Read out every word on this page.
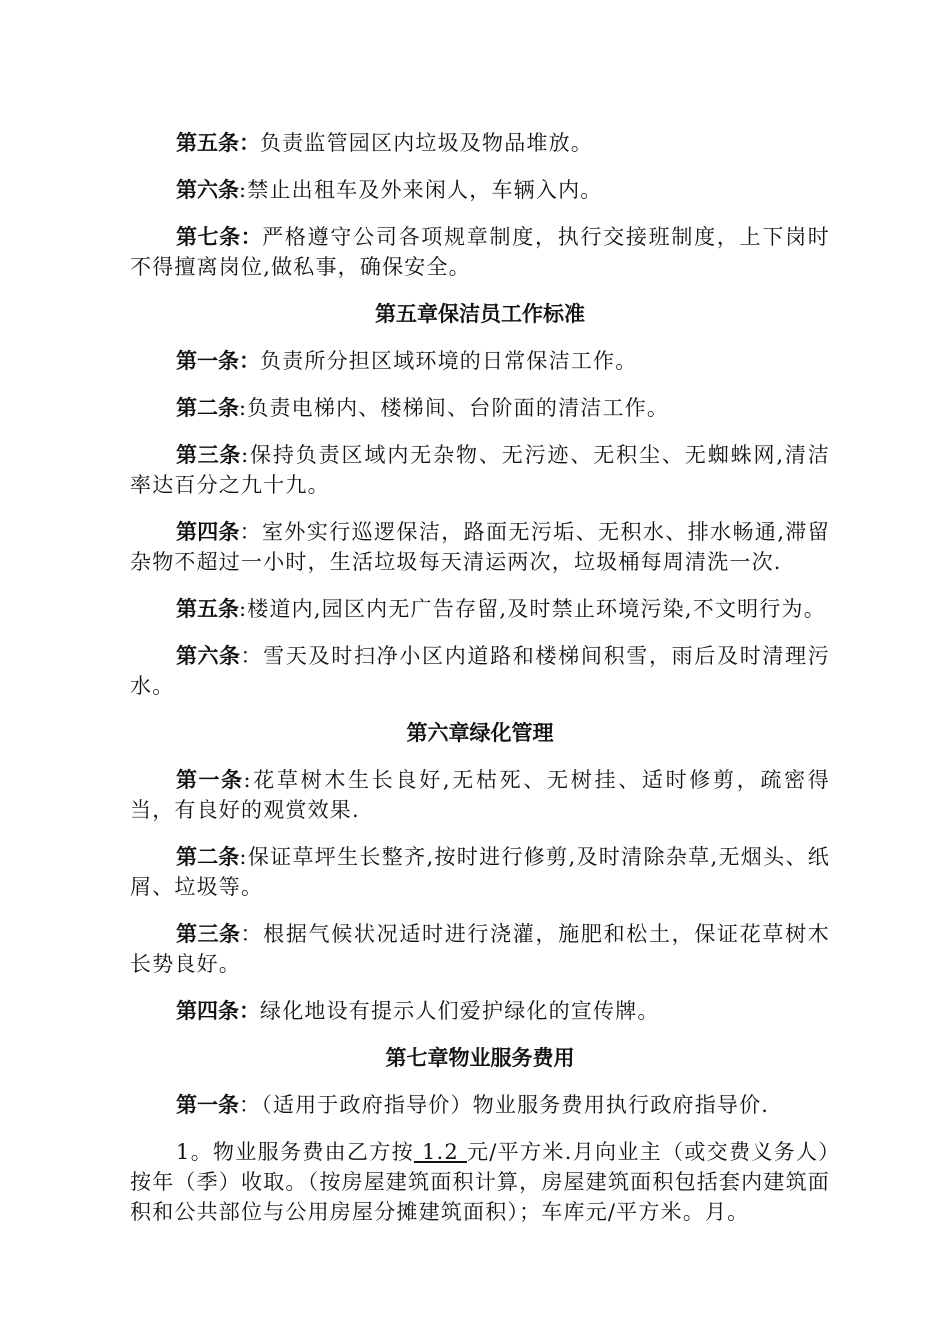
第五条：负责监管园区内垃圾及物品堆放。

第六条:禁止出租车及外来闲人，车辆入内。

第七条：严格遵守公司各项规章制度，执行交接班制度，上下岗时不得擅离岗位,做私事，确保安全。

第五章保洁员工作标准

第一条：负责所分担区域环境的日常保洁工作。

第二条:负责电梯内、楼梯间、台阶面的清洁工作。

第三条:保持负责区域内无杂物、无污迹、无积尘、无蜘蛛网,清洁率达百分之九十九。

第四条：室外实行巡逻保洁，路面无污垢、无积水、排水畅通,滞留杂物不超过一小时，生活垃圾每天清运两次，垃圾桶每周清洗一次.

第五条:楼道内,园区内无广告存留,及时禁止环境污染,不文明行为。

第六条：雪天及时扫净小区内道路和楼梯间积雪，雨后及时清理污水。

第六章绿化管理

第一条:花草树木生长良好,无枯死、无树挂、适时修剪，疏密得当，有良好的观赏效果.

第二条:保证草坪生长整齐,按时进行修剪,及时清除杂草,无烟头、纸屑、垃圾等。

第三条：根据气候状况适时进行浇灌，施肥和松土，保证花草树木长势良好。

第四条：绿化地设有提示人们爱护绿化的宣传牌。

第七章物业服务费用

第一条：（适用于政府指导价）物业服务费用执行政府指导价.

1。物业服务费由乙方按 1.2 元/平方米.月向业主（或交费义务人）按年（季）收取。（按房屋建筑面积计算，房屋建筑面积包括套内建筑面积和公共部位与公用房屋分摊建筑面积）；车库元/平方米。月。
